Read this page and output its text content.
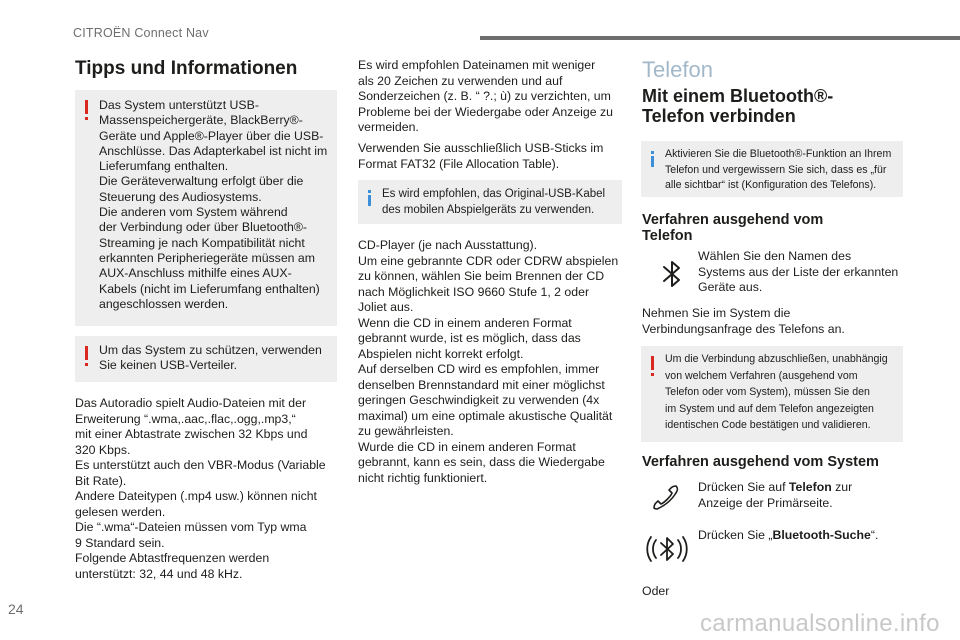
CITROËN Connect Nav
Tipps und Informationen

Das System unterstützt USB-
Massenspeichergeräte, BlackBerry®-
Geräte und Apple®-Player über die USB-
Anschlüsse. Das Adapterkabel ist nicht im
Lieferumfang enthalten.
Die Geräteverwaltung erfolgt über die
Steuerung des Audiosystems.
Die anderen vom System während
der Verbindung oder über Bluetooth®-
Streaming je nach Kompatibilität nicht
erkannten Peripheriegeräte müssen am
AUX-Anschluss mithilfe eines AUX-
Kabels (nicht im Lieferumfang enthalten)
angeschlossen werden.

Um das System zu schützen, verwenden
Sie keinen USB-Verteiler.

Das Autoradio spielt Audio-Dateien mit der
Erweiterung “.wma,.aac,.flac,.ogg,.mp3,“
mit einer Abtastrate zwischen 32 Kbps und
320 Kbps.
Es unterstützt auch den VBR-Modus (Variable
Bit Rate).
Andere Dateitypen (.mp4 usw.) können nicht
gelesen werden.
Die “.wma“-Dateien müssen vom Typ wma
9 Standard sein.
Folgende Abtastfrequenzen werden
unterstützt: 32, 44 und 48 kHz.
Es wird empfohlen Dateinamen mit weniger
als 20 Zeichen zu verwenden und auf
Sonderzeichen (z. B. “ ?.; ù) zu verzichten, um
Probleme bei der Wiedergabe oder Anzeige zu
vermeiden.
Verwenden Sie ausschließlich USB-Sticks im
Format FAT32 (File Allocation Table).

Es wird empfohlen, das Original-USB-Kabel
des mobilen Abspielgeräts zu verwenden.

CD-Player (je nach Ausstattung).
Um eine gebrannte CDR oder CDRW abspielen
zu können, wählen Sie beim Brennen der CD
nach Möglichkeit ISO 9660 Stufe 1, 2 oder
Joliet aus.
Wenn die CD in einem anderen Format
gebrannt wurde, ist es möglich, dass das
Abspielen nicht korrekt erfolgt.
Auf derselben CD wird es empfohlen, immer
denselben Brennstandard mit einer möglichst
geringen Geschwindigkeit zu verwenden (4x
maximal) um eine optimale akustische Qualität
zu gewährleisten.
Wurde die CD in einem anderen Format
gebrannt, kann es sein, dass die Wiedergabe
nicht richtig funktioniert.
Telefon
Mit einem Bluetooth®-
Telefon verbinden

Aktivieren Sie die Bluetooth®-Funktion an Ihrem
Telefon und vergewissern Sie sich, dass es „für
alle sichtbar“ ist (Konfiguration des Telefons).

Verfahren ausgehend vom
Telefon
Wählen Sie den Namen des
Systems aus der Liste der erkannten
Geräte aus.
Nehmen Sie im System die
Verbindungsanfrage des Telefons an.

Um die Verbindung abzuschließen, unabhängig
von welchem Verfahren (ausgehend vom
Telefon oder vom System), müssen Sie den
im System und auf dem Telefon angezeigten
identischen Code bestätigen und validieren.

Verfahren ausgehend vom System
Drücken Sie auf Telefon zur
Anzeige der Primärseite.
Drücken Sie „Bluetooth-Suche“.
Oder
24
carmanualsonline.info
